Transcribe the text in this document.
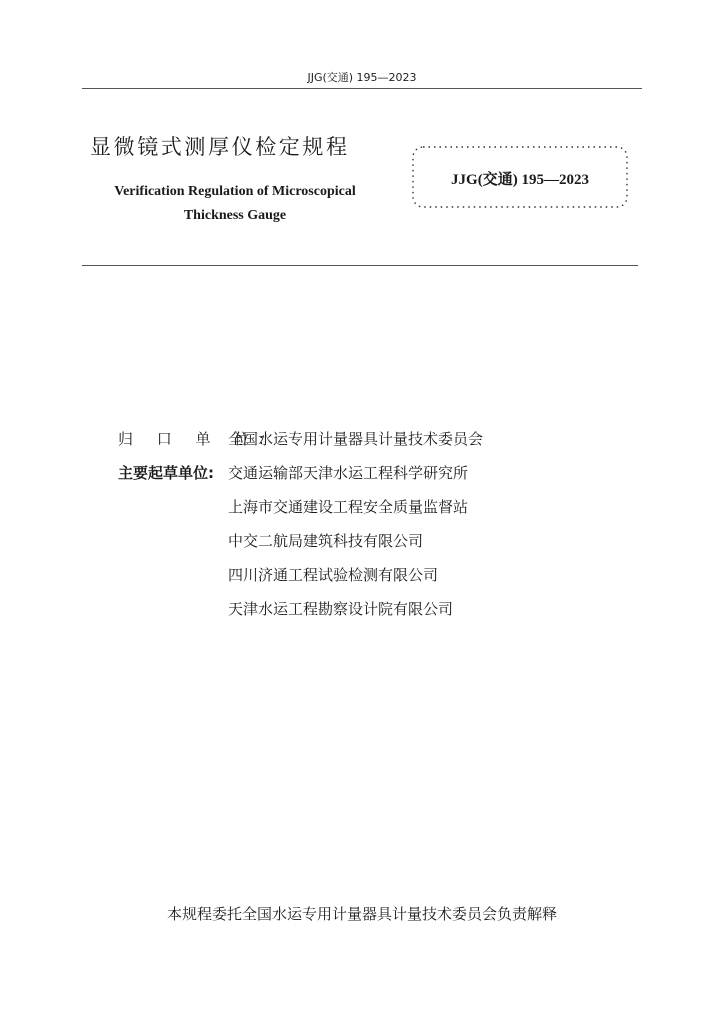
JJG(交通) 195—2023
显微镜式测厚仪检定规程
Verification Regulation of Microscopical
Thickness Gauge
JJG(交通) 195—2023
归 口 单 位:
全国水运专用计量器具计量技术委员会
主要起草单位: 交通运输部天津水运工程科学研究所
上海市交通建设工程安全质量监督站
中交二航局建筑科技有限公司
四川济通工程试验检测有限公司
天津水运工程勘察设计院有限公司
本规程委托全国水运专用计量器具计量技术委员会负责解释
